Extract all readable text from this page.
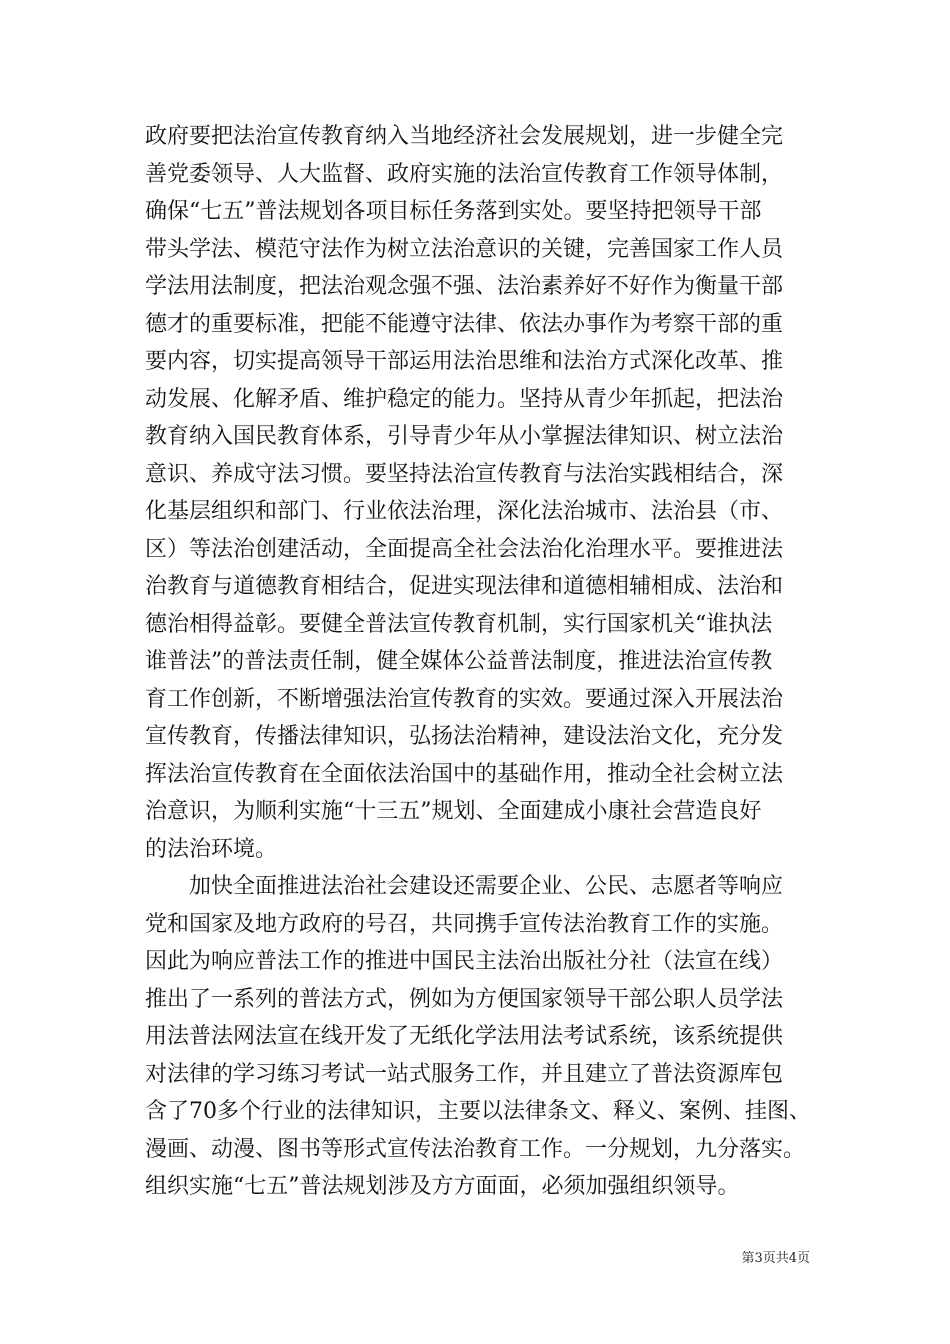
政府要把法治宣传教育纳入当地经济社会发展规划，进一步健全完
善党委领导、人大监督、政府实施的法治宣传教育工作领导体制，
确保“七五”普法规划各项目标任务落到实处。要坚持把领导干部
带头学法、模范守法作为树立法治意识的关键，完善国家工作人员
学法用法制度，把法治观念强不强、法治素养好不好作为衡量干部
德才的重要标准，把能不能遵守法律、依法办事作为考察干部的重
要内容，切实提高领导干部运用法治思维和法治方式深化改革、推
动发展、化解矛盾、维护稳定的能力。坚持从青少年抓起，把法治
教育纳入国民教育体系，引导青少年从小掌握法律知识、树立法治
意识、养成守法习惯。要坚持法治宣传教育与法治实践相结合，深
化基层组织和部门、行业依法治理，深化法治城市、法治县（市、
区）等法治创建活动，全面提高全社会法治化治理水平。要推进法
治教育与道德教育相结合，促进实现法律和道德相辅相成、法治和
德治相得益彰。要健全普法宣传教育机制，实行国家机关“谁执法
谁普法”的普法责任制，健全媒体公益普法制度，推进法治宣传教
育工作创新，不断增强法治宣传教育的实效。要通过深入开展法治
宣传教育，传播法律知识，弘扬法治精神，建设法治文化，充分发
挥法治宣传教育在全面依法治国中的基础作用，推动全社会树立法
治意识，为顺利实施“十三五”规划、全面建成小康社会营造良好
的法治环境。
　　加快全面推进法治社会建设还需要企业、公民、志愿者等响应
党和国家及地方政府的号召，共同携手宣传法治教育工作的实施。
因此为响应普法工作的推进中国民主法治出版社分社（法宣在线）
推出了一系列的普法方式，例如为方便国家领导干部公职人员学法
用法普法网法宣在线开发了无纸化学法用法考试系统，该系统提供
对法律的学习练习考试一站式服务工作，并且建立了普法资源库包
含了70多个行业的法律知识，主要以法律条文、释义、案例、挂图、
漫画、动漫、图书等形式宣传法治教育工作。一分规划，九分落实。
组织实施“七五”普法规划涉及方方面面，必须加强组织领导。
第3页共4页
